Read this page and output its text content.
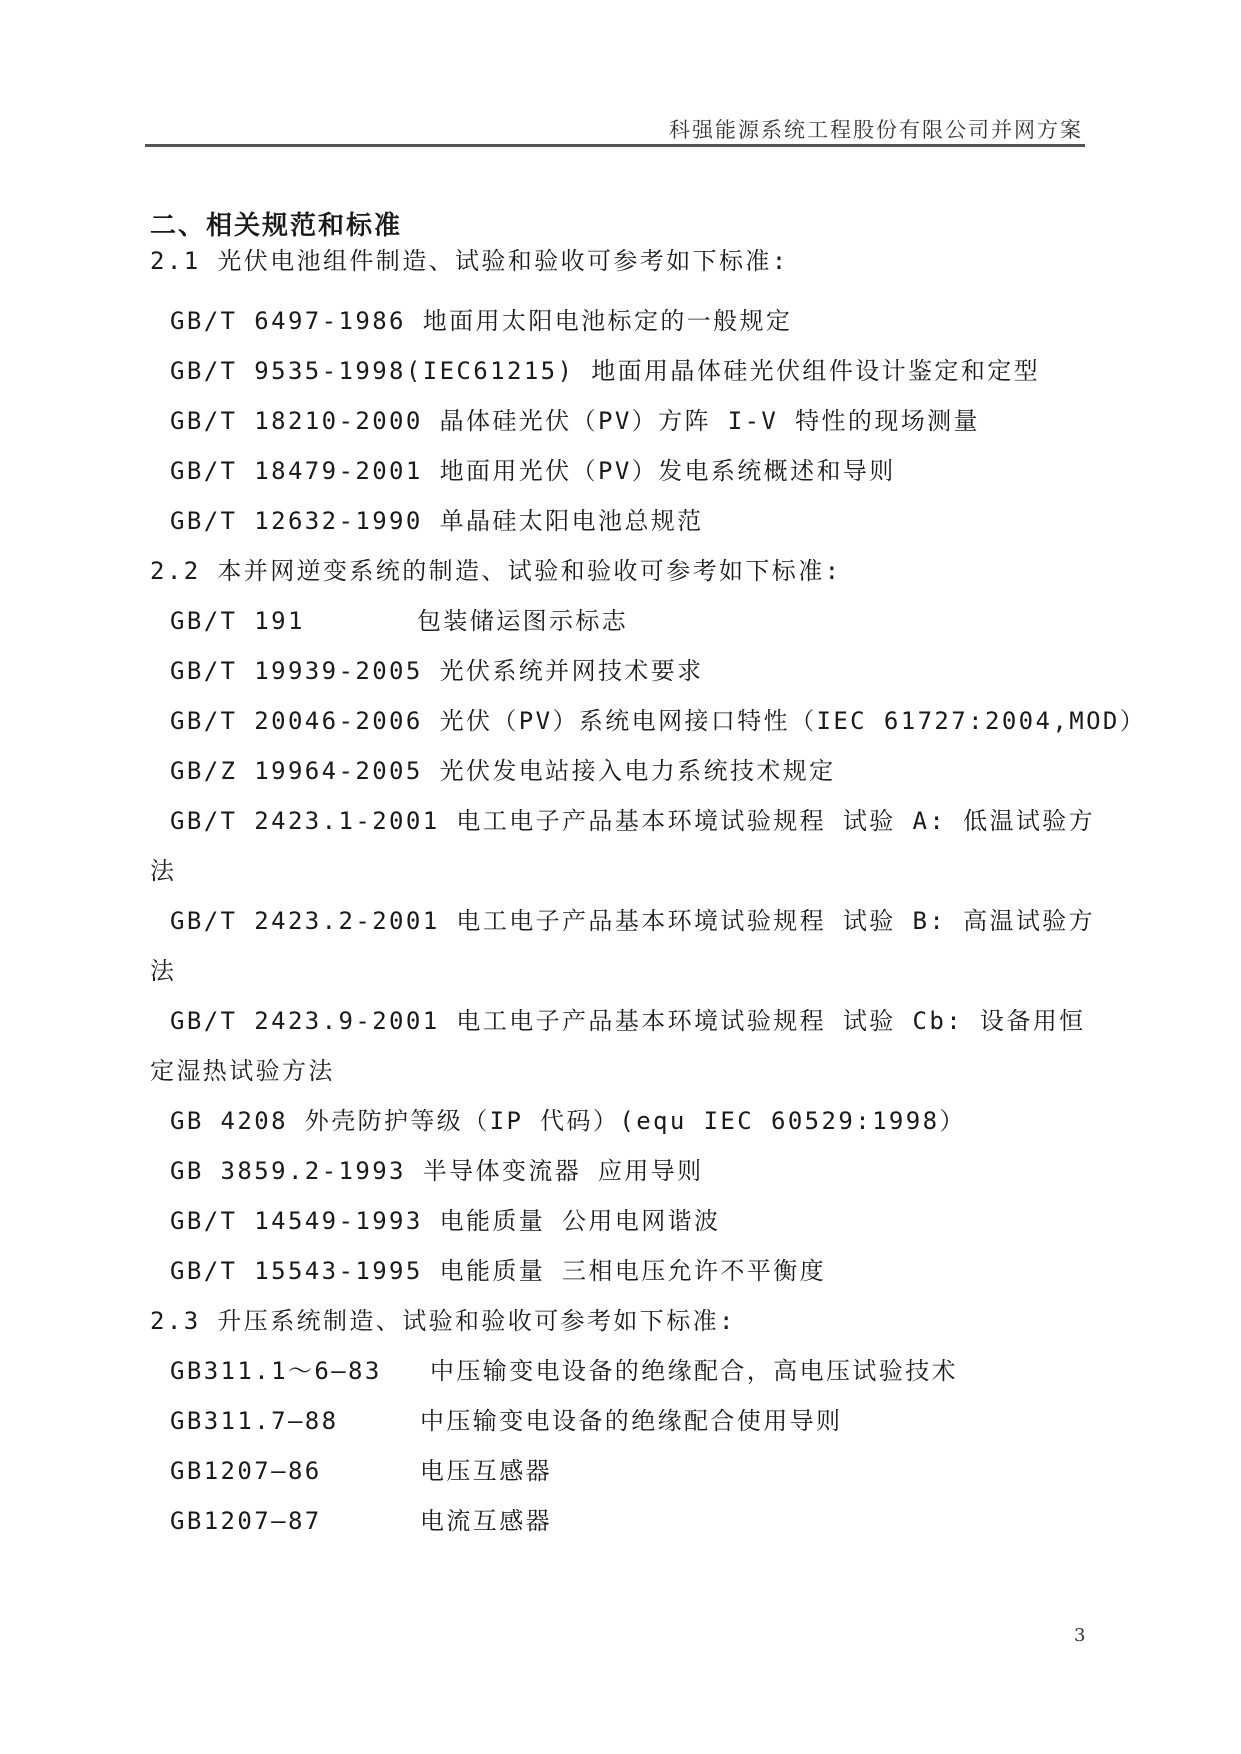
科强能源系统工程股份有限公司并网方案
二、相关规范和标准
2.1 光伏电池组件制造、试验和验收可参考如下标准:
GB/T 6497-1986 地面用太阳电池标定的一般规定
GB/T 9535-1998(IEC61215) 地面用晶体硅光伏组件设计鉴定和定型
GB/T 18210-2000 晶体硅光伏（PV）方阵 I-V 特性的现场测量
GB/T 18479-2001 地面用光伏（PV）发电系统概述和导则
GB/T 12632-1990 单晶硅太阳电池总规范
2.2 本并网逆变系统的制造、试验和验收可参考如下标准:
GB/T 191	包装储运图示标志
GB/T 19939-2005 光伏系统并网技术要求
GB/T 20046-2006 光伏（PV）系统电网接口特性（IEC 61727:2004,MOD）
GB/Z 19964-2005 光伏发电站接入电力系统技术规定
GB/T 2423.1-2001 电工电子产品基本环境试验规程 试验 A: 低温试验方
法
GB/T 2423.2-2001 电工电子产品基本环境试验规程 试验 B: 高温试验方
法
GB/T 2423.9-2001 电工电子产品基本环境试验规程 试验 Cb: 设备用恒
定湿热试验方法
GB 4208 外壳防护等级（IP 代码）(equ IEC 60529:1998）
GB 3859.2-1993 半导体变流器 应用导则
GB/T 14549-1993 电能质量 公用电网谐波
GB/T 15543-1995 电能质量 三相电压允许不平衡度
2.3 升压系统制造、试验和验收可参考如下标准:
GB311.1～6—83 中压输变电设备的绝缘配合，高电压试验技术
GB311.7—88	中压输变电设备的绝缘配合使用导则
GB1207—86	电压互感器
GB1207—87	电流互感器
3
